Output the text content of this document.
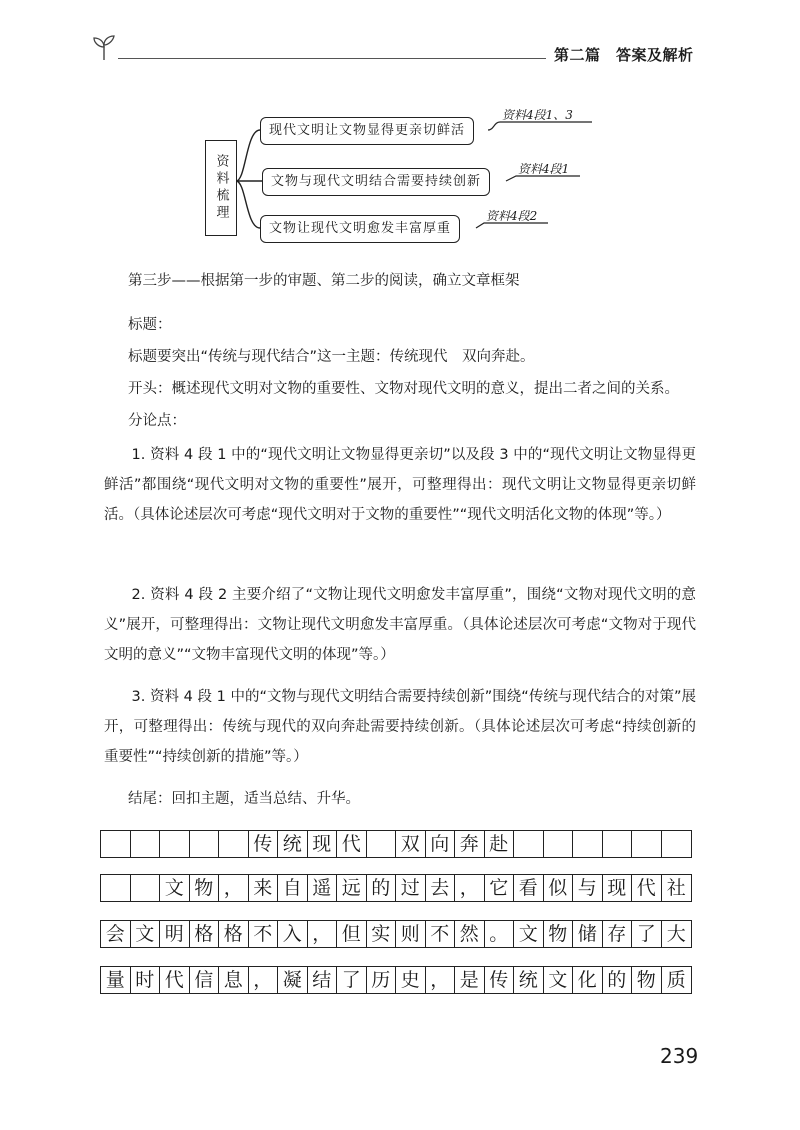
第二篇　答案及解析
资料梳理
现代文明让文物显得更亲切鲜活
资料4段1、3
文物与现代文明结合需要持续创新
资料4段1
文物让现代文明愈发丰富厚重
资料4段2
第三步——根据第一步的审题、第二步的阅读，确立文章框架
标题：
标题要突出“传统与现代结合”这一主题：传统现代　双向奔赴。
开头：概述现代文明对文物的重要性、文物对现代文明的意义，提出二者之间的关系。
分论点：
1. 资料 4 段 1 中的“现代文明让文物显得更亲切”以及段 3 中的“现代文明让文物显得更鲜活”都围绕“现代文明对文物的重要性”展开，可整理得出：现代文明让文物显得更亲切鲜活。（具体论述层次可考虑“现代文明对于文物的重要性”“现代文明活化文物的体现”等。）
2. 资料 4 段 2 主要介绍了“文物让现代文明愈发丰富厚重”，围绕“文物对现代文明的意义”展开，可整理得出：文物让现代文明愈发丰富厚重。（具体论述层次可考虑“文物对于现代文明的意义”“文物丰富现代文明的体现”等。）
3. 资料 4 段 1 中的“文物与现代文明结合需要持续创新”围绕“传统与现代结合的对策”展开，可整理得出：传统与现代的双向奔赴需要持续创新。（具体论述层次可考虑“持续创新的重要性”“持续创新的措施”等。）
结尾：回扣主题，适当总结、升华。
传 统 现 代	双 向 奔 赴
文 物 ， 来 自 遥 远 的 过 去 ， 它 看 似 与 现 代 社
会 文 明 格 格 不 入 ， 但 实 则 不 然 。 文 物 储 存 了 大
量 时 代 信 息 ， 凝 结 了 历 史 ， 是 传 统 文 化 的 物 质
239
